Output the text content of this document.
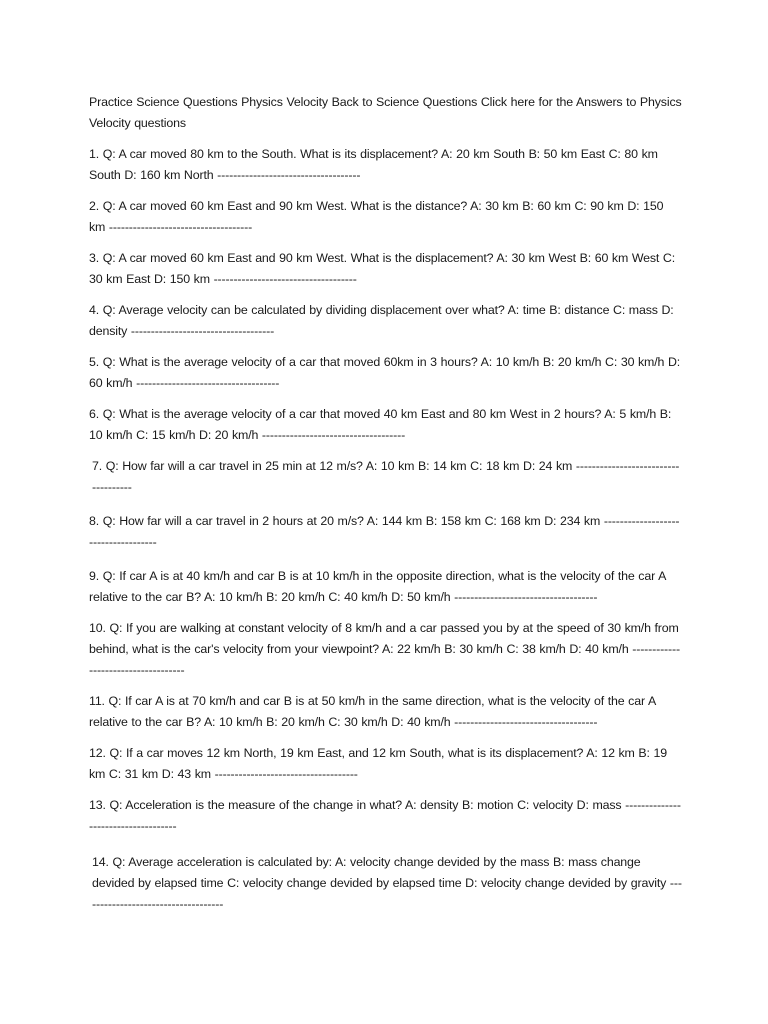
Practice Science Questions Physics Velocity Back to Science Questions Click here for the Answers to Physics Velocity questions

1. Q: A car moved 80 km to the South. What is its displacement? A: 20 km South B: 50 km East C: 80 km South D: 160 km North ------------------------------------

2. Q: A car moved 60 km East and 90 km West. What is the distance? A: 30 km B: 60 km C: 90 km D: 150 km ------------------------------------

3. Q: A car moved 60 km East and 90 km West. What is the displacement? A: 30 km West B: 60 km West C: 30 km East D: 150 km ------------------------------------

4. Q: Average velocity can be calculated by dividing displacement over what? A: time B: distance C: mass D: density ------------------------------------

5. Q: What is the average velocity of a car that moved 60km in 3 hours? A: 10 km/h B: 20 km/h C: 30 km/h D: 60 km/h ------------------------------------

6. Q: What is the average velocity of a car that moved 40 km East and 80 km West in 2 hours? A: 5 km/h B: 10 km/h C: 15 km/h D: 20 km/h ------------------------------------

7. Q: How far will a car travel in 25 min at 12 m/s? A: 10 km B: 14 km C: 18 km D: 24 km ------------------------------------

8. Q: How far will a car travel in 2 hours at 20 m/s? A: 144 km B: 158 km C: 168 km D: 234 km ------------------------------------

9. Q: If car A is at 40 km/h and car B is at 10 km/h in the opposite direction, what is the velocity of the car A relative to the car B? A: 10 km/h B: 20 km/h C: 40 km/h D: 50 km/h ------------------------------------

10. Q: If you are walking at constant velocity of 8 km/h and a car passed you by at the speed of 30 km/h from behind, what is the car's velocity from your viewpoint? A: 22 km/h B: 30 km/h C: 38 km/h D: 40 km/h ------------------------------------

11. Q: If car A is at 70 km/h and car B is at 50 km/h in the same direction, what is the velocity of the car A relative to the car B? A: 10 km/h B: 20 km/h C: 30 km/h D: 40 km/h ------------------------------------

12. Q: If a car moves 12 km North, 19 km East, and 12 km South, what is its displacement? A: 12 km B: 19 km C: 31 km D: 43 km ------------------------------------

13. Q: Acceleration is the measure of the change in what? A: density B: motion C: velocity D: mass ------------------------------------

14. Q: Average acceleration is calculated by: A: velocity change devided by the mass B: mass change devided by elapsed time C: velocity change devided by elapsed time D: velocity change devided by gravity ------------------------------------
